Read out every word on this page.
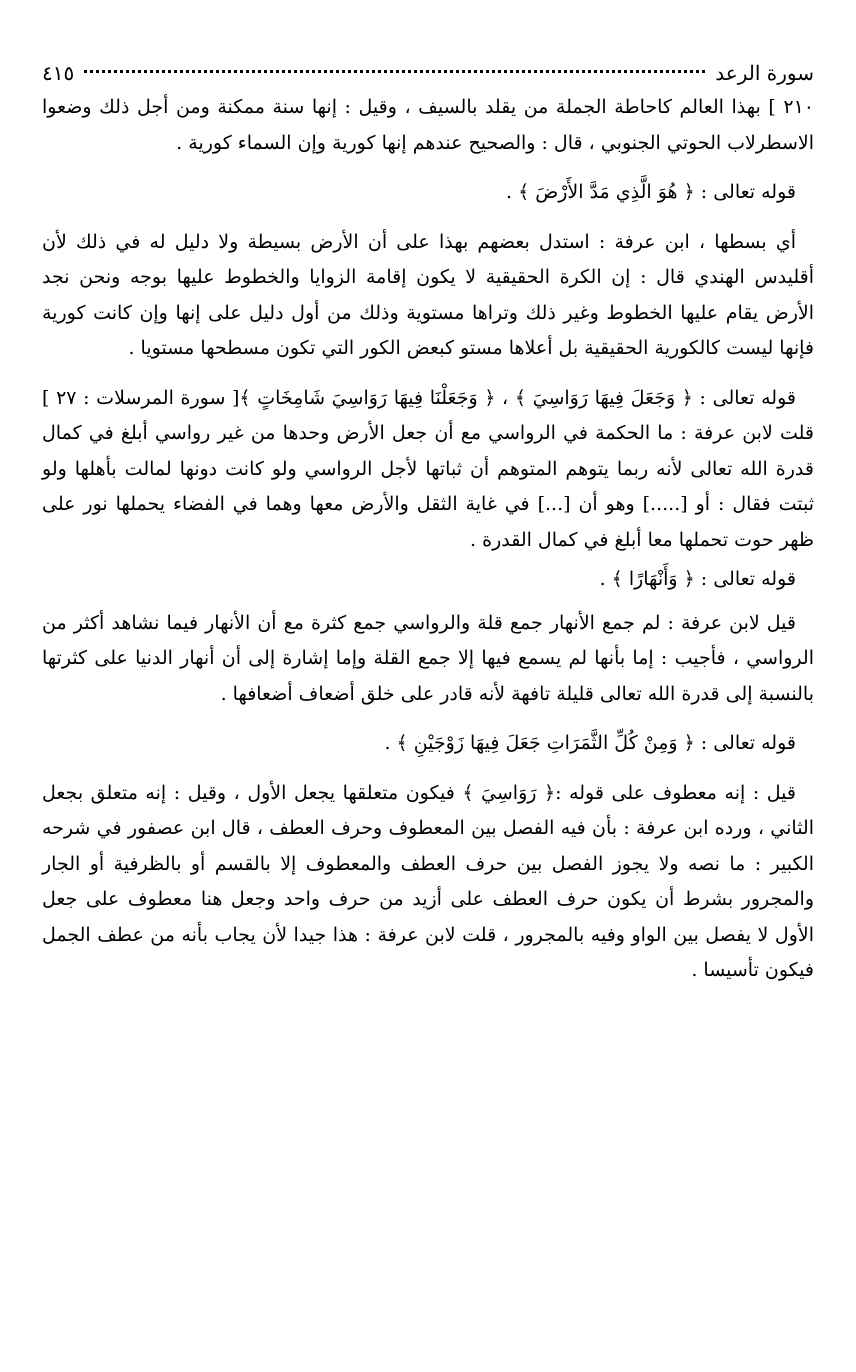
سورة الرعد
٤١٥

٢١٠ ] بهذا العالم كاحاطة الجملة من يقلد بالسيف ، وقيل : إنها سنة ممكنة ومن أجل ذلك وضعوا الاسطرلاب الحوتي الجنوبي ، قال : والصحيح عندهم إنها كورية وإن السماء كورية .

قوله تعالى : ﴿ هُوَ الَّذِي مَدَّ الأَرْضَ ﴾ .

أي بسطها ، ابن عرفة : استدل بعضهم بهذا على أن الأرض بسيطة ولا دليل له في ذلك لأن أقليدس الهندي قال : إن الكرة الحقيقية لا يكون إقامة الزوايا والخطوط عليها بوجه ونحن نجد الأرض يقام عليها الخطوط وغير ذلك وتراها مستوية وذلك من أول دليل على إنها وإن كانت كورية فإنها ليست كالكورية الحقيقية بل أعلاها مستو كبعض الكور التي تكون مسطحها مستويا .

قوله تعالى : ﴿ وَجَعَلَ فِيهَا رَوَاسِيَ ﴾ ، ﴿ وَجَعَلْنَا فِيهَا رَوَاسِيَ شَامِخَاتٍ ﴾[ سورة المرسلات : ٢٧ ] قلت لابن عرفة : ما الحكمة في الرواسي مع أن جعل الأرض وحدها من غير رواسي أبلغ في كمال قدرة الله تعالى لأنه ربما يتوهم المتوهم أن ثباتها لأجل الرواسي ولو كانت دونها لمالت بأهلها ولو ثبتت فقال : أو [.....] وهو أن [...] في غاية الثقل والأرض معها وهما في الفضاء يحملها نور على ظهر حوت تحملها معا أبلغ في كمال القدرة .

قوله تعالى : ﴿ وَأَنْهَارًا ﴾ .

قيل لابن عرفة : لم جمع الأنهار جمع قلة والرواسي جمع كثرة مع أن الأنهار فيما نشاهد أكثر من الرواسي ، فأجيب : إما بأنها لم يسمع فيها إلا جمع القلة وإما إشارة إلى أن أنهار الدنيا على كثرتها بالنسبة إلى قدرة الله تعالى قليلة تافهة لأنه قادر على خلق أضعاف أضعافها .

قوله تعالى : ﴿ وَمِنْ كُلِّ الثَّمَرَاتِ جَعَلَ فِيهَا زَوْجَيْنِ ﴾ .

قيل : إنه معطوف على قوله :﴿ رَوَاسِيَ ﴾ فيكون متعلقها يجعل الأول ، وقيل : إنه متعلق بجعل الثاني ، ورده ابن عرفة : بأن فيه الفصل بين المعطوف وحرف العطف ، قال ابن عصفور في شرحه الكبير : ما نصه ولا يجوز الفصل بين حرف العطف والمعطوف إلا بالقسم أو بالظرفية أو الجار والمجرور بشرط أن يكون حرف العطف على أزيد من حرف واحد وجعل هنا معطوف على جعل الأول لا يفصل بين الواو وفيه بالمجرور ، قلت لابن عرفة : هذا جيدا لأن يجاب بأنه من عطف الجمل فيكون تأسيسا .
